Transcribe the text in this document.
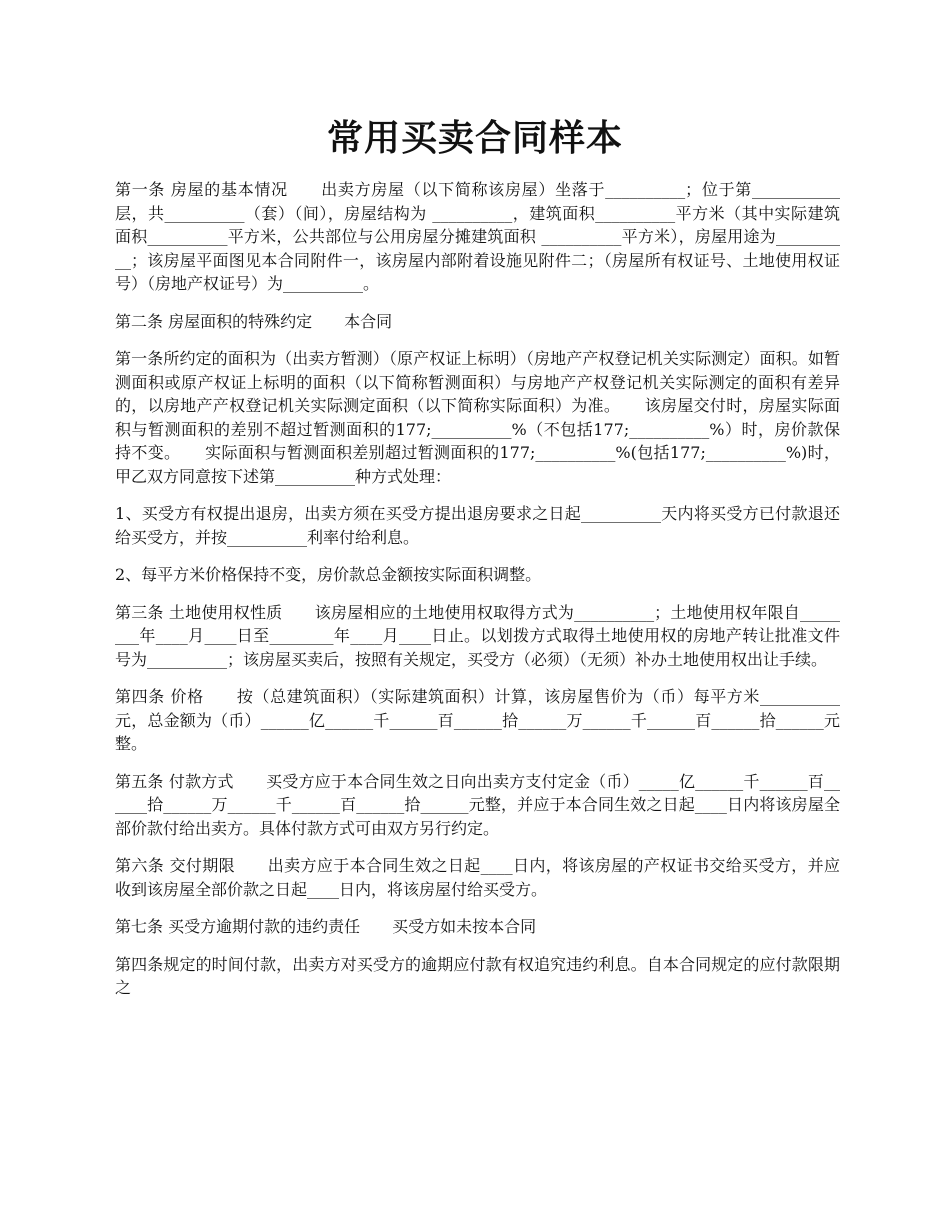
常用买卖合同样本

第一条 房屋的基本情况　　出卖方房屋（以下简称该房屋）坐落于__________；位于第___________层，共__________（套）（间），房屋结构为 __________，建筑面积__________平方米（其中实际建筑面积__________平方米，公共部位与公用房屋分摊建筑面积 __________平方米），房屋用途为__________；该房屋平面图见本合同附件一，该房屋内部附着设施见附件二；（房屋所有权证号、土地使用权证号）（房地产权证号）为__________。

第二条 房屋面积的特殊约定　　本合同

第一条所约定的面积为（出卖方暂测）（原产权证上标明）（房地产产权登记机关实际测定）面积。如暂测面积或原产权证上标明的面积（以下简称暂测面积）与房地产产权登记机关实际测定的面积有差异的，以房地产产权登记机关实际测定面积（以下简称实际面积）为准。　　该房屋交付时，房屋实际面积与暂测面积的差别不超过暂测面积的177;__________%（不包括177;__________%）时，房价款保持不变。　　实际面积与暂测面积差别超过暂测面积的177;__________%(包括177;__________%)时，甲乙双方同意按下述第__________种方式处理：

1、买受方有权提出退房，出卖方须在买受方提出退房要求之日起__________天内将买受方已付款退还给买受方，并按__________利率付给利息。

2、每平方米价格保持不变，房价款总金额按实际面积调整。

第三条 土地使用权性质　　该房屋相应的土地使用权取得方式为__________；土地使用权年限自________年____月____日至________年____月____日止。以划拨方式取得土地使用权的房地产转让批准文件号为__________；该房屋买卖后，按照有关规定，买受方（必须）（无须）补办土地使用权出让手续。

第四条 价格　　按（总建筑面积）（实际建筑面积）计算，该房屋售价为（币）每平方米__________元，总金额为（币）______亿______千______百______拾______万______千______百______拾______元整。

第五条 付款方式　　买受方应于本合同生效之日向出卖方支付定金（币）_____亿______千______百______拾______万______千______百______拾______元整，并应于本合同生效之日起____日内将该房屋全部价款付给出卖方。具体付款方式可由双方另行约定。

第六条 交付期限　　出卖方应于本合同生效之日起____日内，将该房屋的产权证书交给买受方，并应收到该房屋全部价款之日起____日内，将该房屋付给买受方。

第七条 买受方逾期付款的违约责任　　买受方如未按本合同

第四条规定的时间付款，出卖方对买受方的逾期应付款有权追究违约利息。自本合同规定的应付款限期之
